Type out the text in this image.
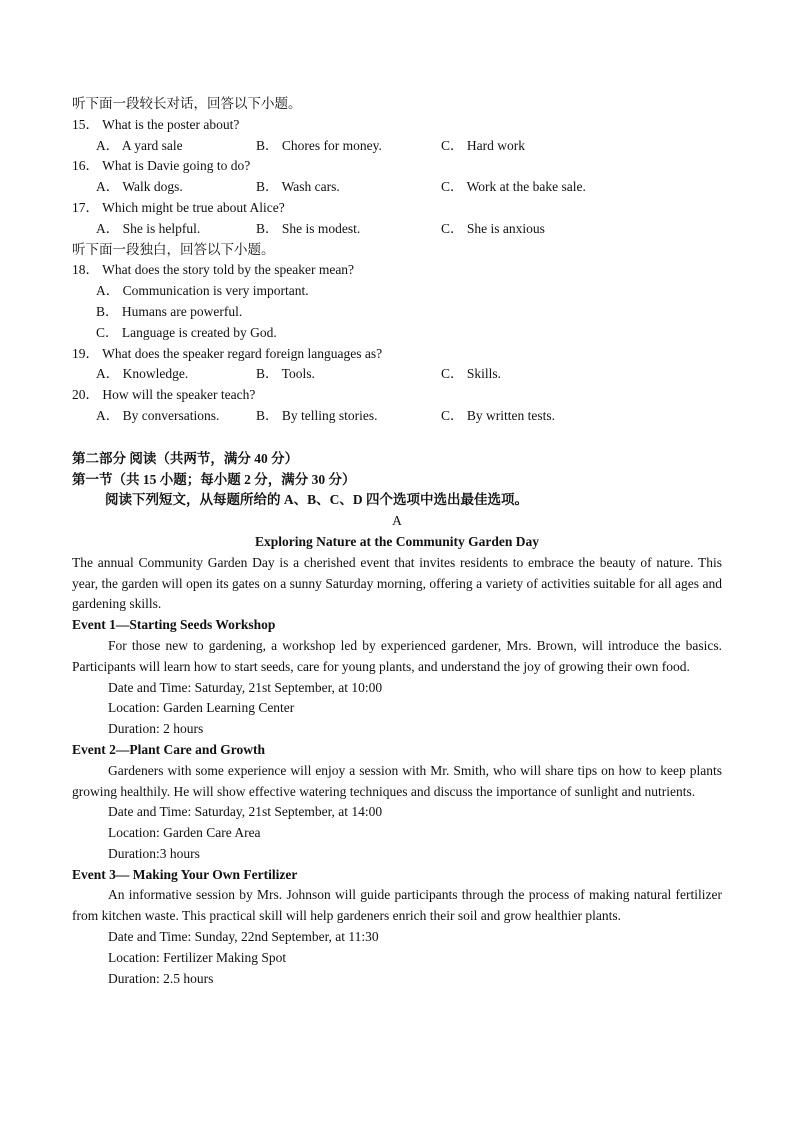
听下面一段较长对话，回答以下小题。
15． What is the poster about?
A． A yard sale	B． Chores for money.	C． Hard work
16． What is Davie going to do?
A． Walk dogs.	B． Wash cars.	C． Work at the bake sale.
17． Which might be true about Alice?
A． She is helpful.	B． She is modest.	C． She is anxious
听下面一段独白，回答以下小题。
18． What does the story told by the speaker mean?
A． Communication is very important.
B． Humans are powerful.
C． Language is created by God.
19． What does the speaker regard foreign languages as?
A． Knowledge.	B． Tools.	C． Skills.
20． How will the speaker teach?
A． By conversations.	B． By telling stories.	C． By written tests.
第二部分 阅读（共两节，满分 40 分）
第一节（共 15 小题；每小题 2 分，满分 30 分）
阅读下列短文，从每题所给的 A、B、C、D 四个选项中选出最佳选项。
A
Exploring Nature at the Community Garden Day
The annual Community Garden Day is a cherished event that invites residents to embrace the beauty of nature. This year, the garden will open its gates on a sunny Saturday morning, offering a variety of activities suitable for all ages and gardening skills.
Event 1—Starting Seeds Workshop
For those new to gardening, a workshop led by experienced gardener, Mrs. Brown, will introduce the basics. Participants will learn how to start seeds, care for young plants, and understand the joy of growing their own food.
Date and Time: Saturday, 21st September, at 10:00
Location: Garden Learning Center
Duration: 2 hours
Event 2—Plant Care and Growth
Gardeners with some experience will enjoy a session with Mr. Smith, who will share tips on how to keep plants growing healthily. He will show effective watering techniques and discuss the importance of sunlight and nutrients.
Date and Time: Saturday, 21st September, at 14:00
Location: Garden Care Area
Duration:3 hours
Event 3— Making Your Own Fertilizer
An informative session by Mrs. Johnson will guide participants through the process of making natural fertilizer from kitchen waste. This practical skill will help gardeners enrich their soil and grow healthier plants.
Date and Time: Sunday, 22nd September, at 11:30
Location: Fertilizer Making Spot
Duration: 2.5 hours
